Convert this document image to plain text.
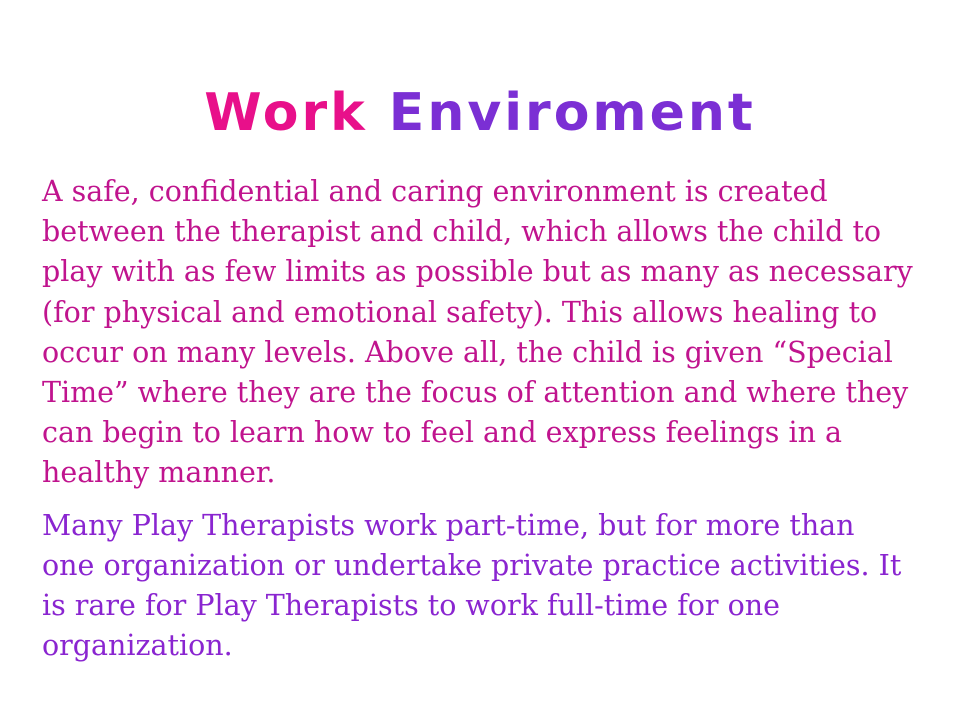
Work Enviroment

A safe, confidential and caring environment is created
between the therapist and child, which allows the child to
play with as few limits as possible but as many as necessary
(for physical and emotional safety). This allows healing to
occur on many levels. Above all, the child is given “Special
Time” where they are the focus of attention and where they
can begin to learn how to feel and express feelings in a
healthy manner.

Many Play Therapists work part-time, but for more than
one organization or undertake private practice activities. It
is rare for Play Therapists to work full-time for one
organization.
